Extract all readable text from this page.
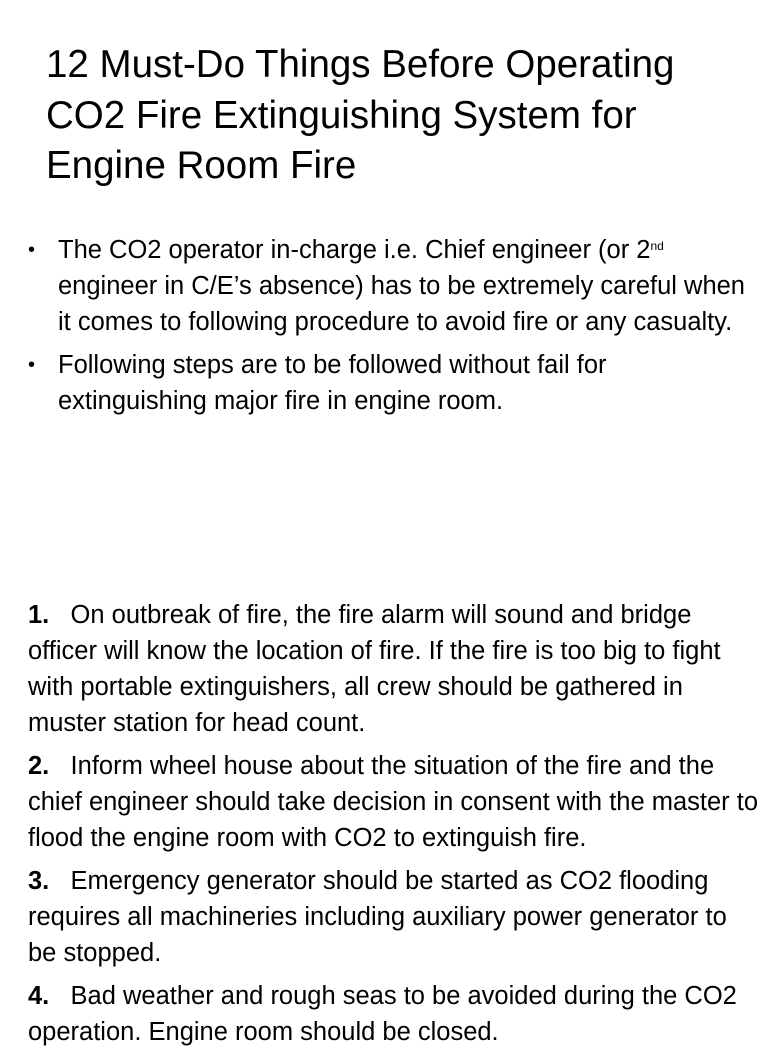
12 Must-Do Things Before Operating CO2 Fire Extinguishing System for Engine Room Fire
• The CO2 operator in-charge i.e. Chief engineer (or 2nd engineer in C/E’s absence) has to be extremely careful when it comes to following procedure to avoid fire or any casualty.
• Following steps are to be followed without fail for extinguishing major fire in engine room.
1. On outbreak of fire, the fire alarm will sound and bridge officer will know the location of fire. If the fire is too big to fight with portable extinguishers, all crew should be gathered in muster station for head count.
2. Inform wheel house about the situation of the fire and the chief engineer should take decision in consent with the master to flood the engine room with CO2 to extinguish fire.
3. Emergency generator should be started as CO2 flooding requires all machineries including auxiliary power generator to be stopped.
4. Bad weather and rough seas to be avoided during the CO2 operation. Engine room should be closed.
